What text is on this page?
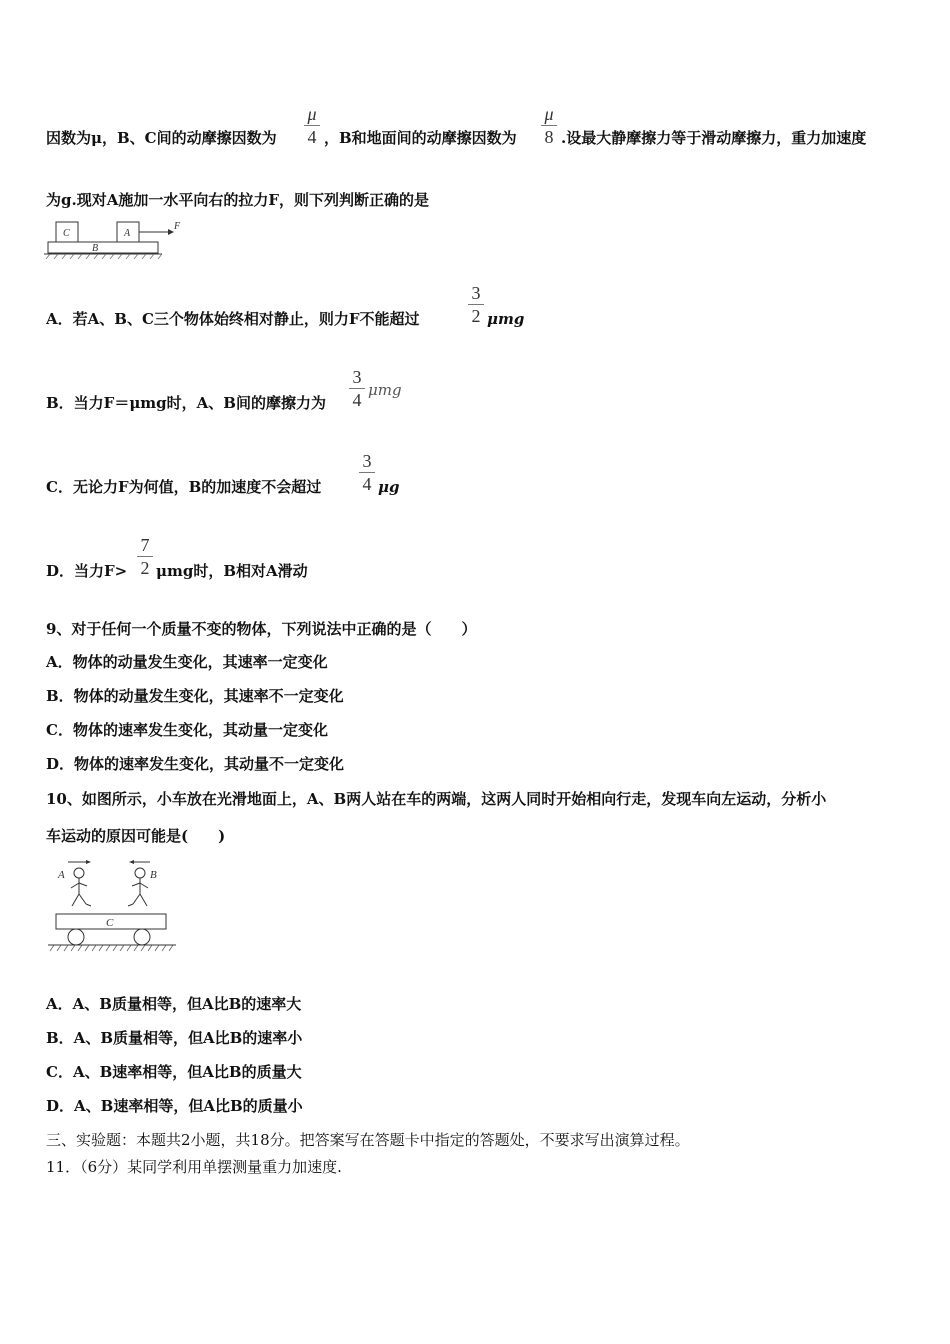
因数为μ，B、C间的动摩擦因数为
μ
4 ，B和地面间的动摩擦因数为
μ
8 .设最大静摩擦力等于滑动摩擦力，重力加速度
为g.现对A施加一水平向右的拉力F，则下列判断正确的是
C	A
B
F
A．若A、B、C三个物体始终相对静止，则力F不能超过
3
2 μmg
B．当力F＝μmg时，A、B间的摩擦力为
3
4 μmg
C．无论力F为何值，B的加速度不会超过
3
4 μg
D．当力F>
7
2 μmg时，B相对A滑动
9、对于任何一个质量不变的物体，下列说法中正确的是（　　）
A．物体的动量发生变化，其速率一定变化
B．物体的动量发生变化，其速率不一定变化
C．物体的速率发生变化，其动量一定变化
D．物体的速率发生变化，其动量不一定变化
10、如图所示，小车放在光滑地面上，A、B两人站在车的两端，这两人同时开始相向行走，发现车向左运动，分析小
车运动的原因可能是(　　)
A	B
C
A．A、B质量相等，但A比B的速率大
B．A、B质量相等，但A比B的速率小
C．A、B速率相等，但A比B的质量大
D．A、B速率相等，但A比B的质量小
三、实验题：本题共2小题，共18分。把答案写在答题卡中指定的答题处，不要求写出演算过程。
11．（6分）某同学利用单摆测量重力加速度.
